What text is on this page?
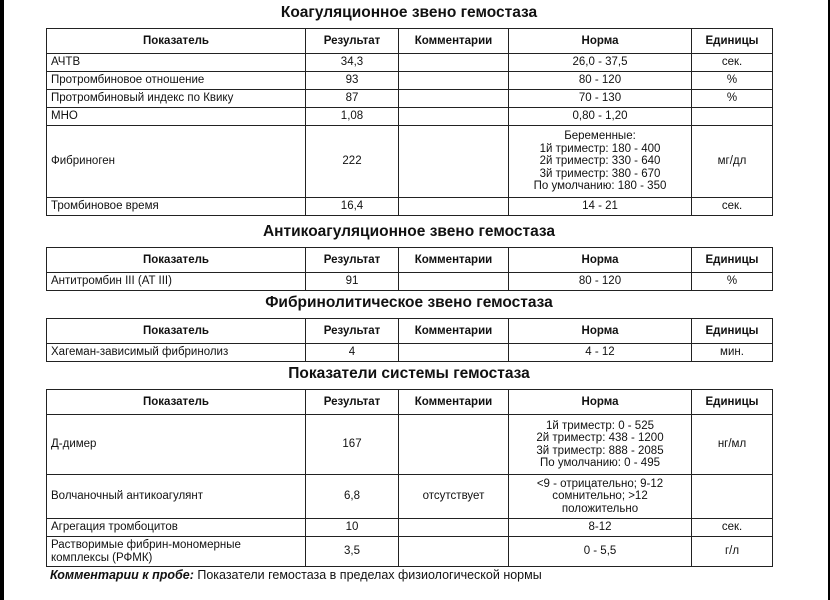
Коагуляционное звено гемостаза
Показатель	Результат	Комментарии	Норма	Единицы
АЧТВ	34,3		26,0 - 37,5	сек.
Протромбиновое отношение	93		80 - 120	%
Протромбиновый индекс по Квику	87		70 - 130	%
МНО	1,08		0,80 - 1,20	
Фибриноген	222		Беременные:
1й триместр: 180 - 400
2й триместр: 330 - 640
3й триместр: 380 - 670
По умолчанию: 180 - 350	мг/дл
Тромбиновое время	16,4		14 - 21	сек.
Антикоагуляционное звено гемостаза
Показатель	Результат	Комментарии	Норма	Единицы
Антитромбин III (AT III)	91		80 - 120	%
Фибринолитическое звено гемостаза
Показатель	Результат	Комментарии	Норма	Единицы
Хагеман-зависимый фибринолиз	4		4 - 12	мин.
Показатели системы гемостаза
Показатель	Результат	Комментарии	Норма	Единицы
Д-димер	167		1й триместр: 0 - 525
2й триместр: 438 - 1200
3й триместр: 888 - 2085
По умолчанию: 0 - 495	нг/мл
Волчаночный антикоагулянт	6,8	отсутствует	<9 - отрицательно; 9-12
сомнительно; >12
положительно	

Агрегация тромбоцитов	10		8-12	сек.
Растворимые фибрин-мономерные комплексы (РФМК)	3,5		0 - 5,5	г/л
Комментарии к пробе: Показатели гемостаза в пределах физиологической нормы
